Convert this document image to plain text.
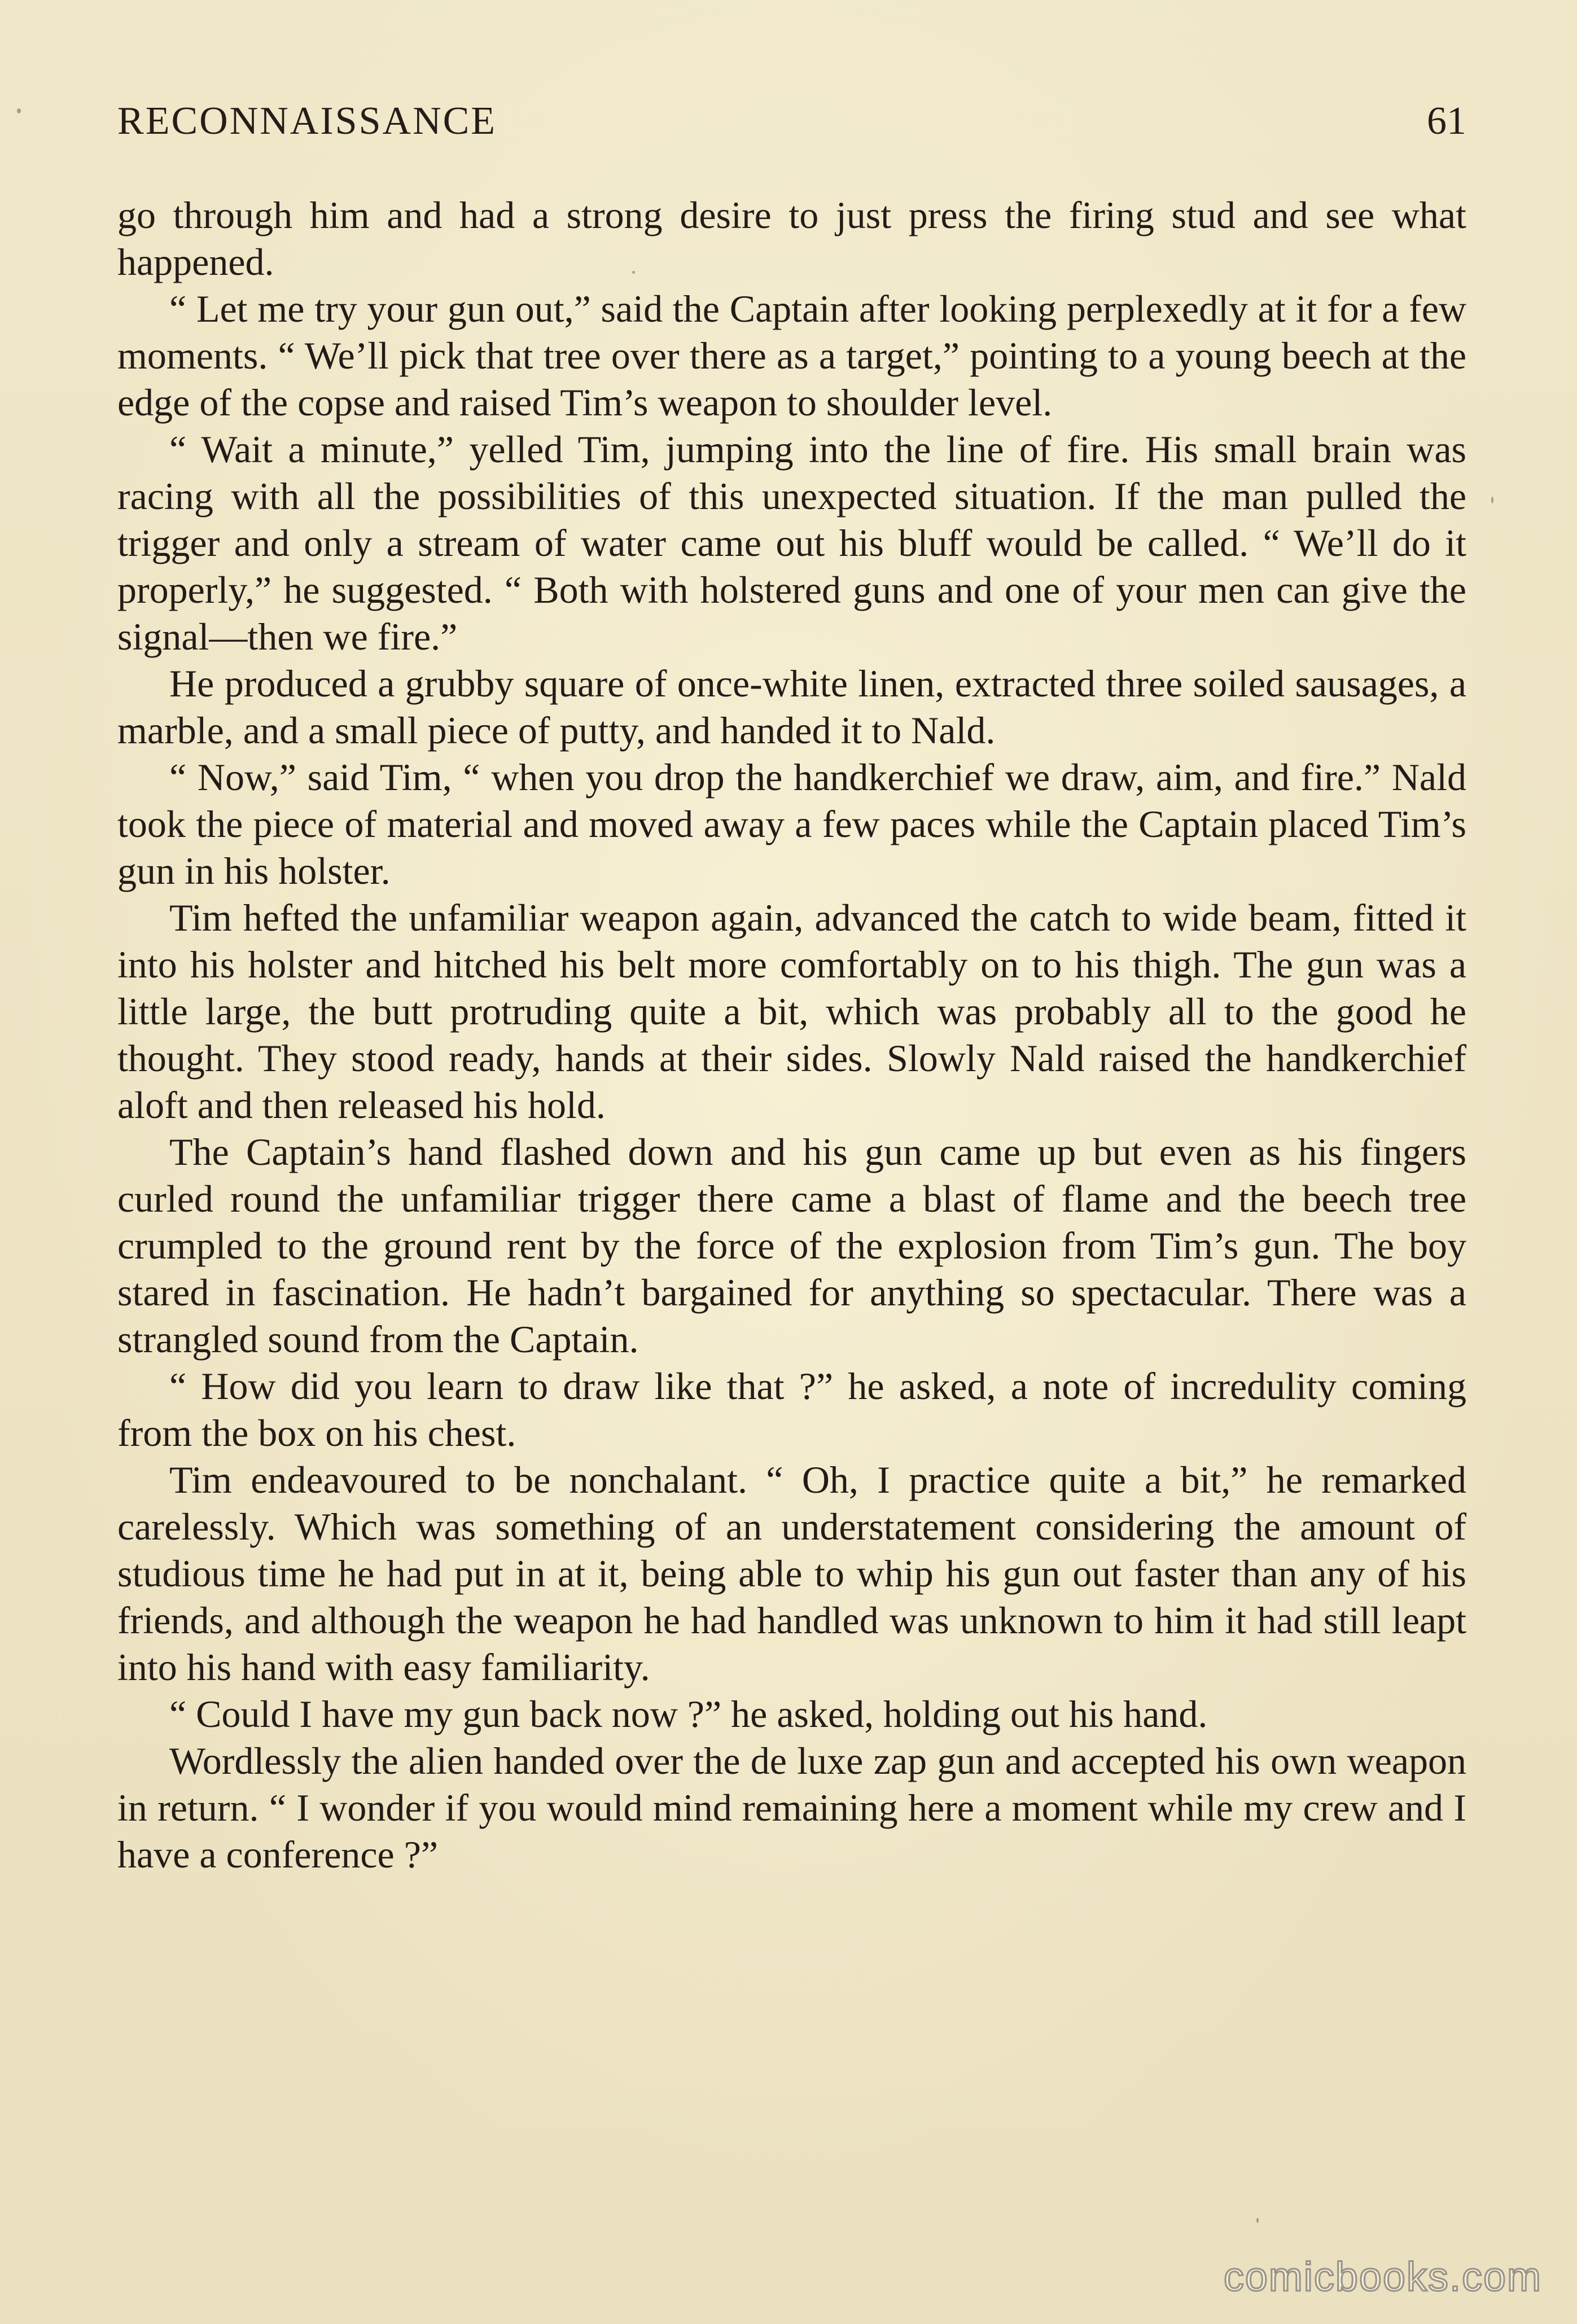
RECONNAISSANCE	61

go through him and had a strong desire to just press the firing stud and see what happened.

“ Let me try your gun out,” said the Captain after looking perplexedly at it for a few moments. “ We’ll pick that tree over there as a target,” pointing to a young beech at the edge of the copse and raised Tim’s weapon to shoulder level.

“ Wait a minute,” yelled Tim, jumping into the line of fire. His small brain was racing with all the possibilities of this unexpected situation. If the man pulled the trigger and only a stream of water came out his bluff would be called. “ We’ll do it properly,” he suggested. “ Both with holstered guns and one of your men can give the signal—then we fire.”

He produced a grubby square of once-white linen, extracted three soiled sausages, a marble, and a small piece of putty, and handed it to Nald.

“ Now,” said Tim, “ when you drop the handkerchief we draw, aim, and fire.” Nald took the piece of material and moved away a few paces while the Captain placed Tim’s gun in his holster.

Tim hefted the unfamiliar weapon again, advanced the catch to wide beam, fitted it into his holster and hitched his belt more comfortably on to his thigh. The gun was a little large, the butt protruding quite a bit, which was probably all to the good he thought. They stood ready, hands at their sides. Slowly Nald raised the handkerchief aloft and then released his hold.

The Captain’s hand flashed down and his gun came up but even as his fingers curled round the unfamiliar trigger there came a blast of flame and the beech tree crumpled to the ground rent by the force of the explosion from Tim’s gun. The boy stared in fascination. He hadn’t bargained for anything so spectacular. There was a strangled sound from the Captain.

“ How did you learn to draw like that ?” he asked, a note of incredulity coming from the box on his chest.

Tim endeavoured to be nonchalant. “ Oh, I practice quite a bit,” he remarked carelessly. Which was something of an understatement considering the amount of studious time he had put in at it, being able to whip his gun out faster than any of his friends, and although the weapon he had handled was unknown to him it had still leapt into his hand with easy familiarity.

“ Could I have my gun back now ?” he asked, holding out his hand.

Wordlessly the alien handed over the de luxe zap gun and accepted his own weapon in return. “ I wonder if you would mind remaining here a moment while my crew and I have a conference ?”

comicbooks.com
